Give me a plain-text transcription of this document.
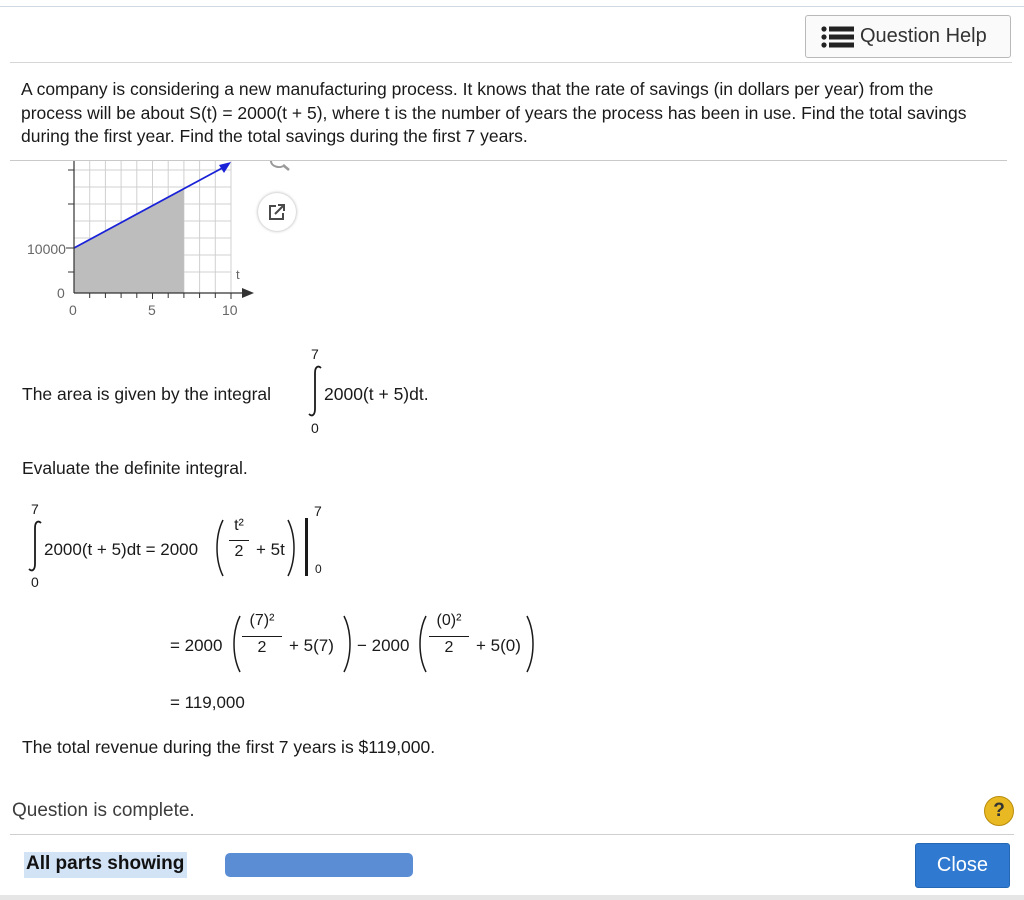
Question Help
A company is considering a new manufacturing process. It knows that the rate of savings (in dollars per year) from the process will be about S(t) = 2000(t + 5), where t is the number of years the process has been in use. Find the total savings during the first year. Find the total savings during the first 7 years.
10000
0
0	5	10
t
The area is given by the integral
7
0
2000(t + 5)dt.
Evaluate the definite integral.
7
0
2000(t + 5)dt = 2000
t²
2 + 5t
7
0
= 2000
(7)²
2	+ 5(7) − 2000
(0)²
2	+ 5(0)
= 119,000
The total revenue during the first 7 years is $119,000.
Question is complete.	?
All parts showing	Close
